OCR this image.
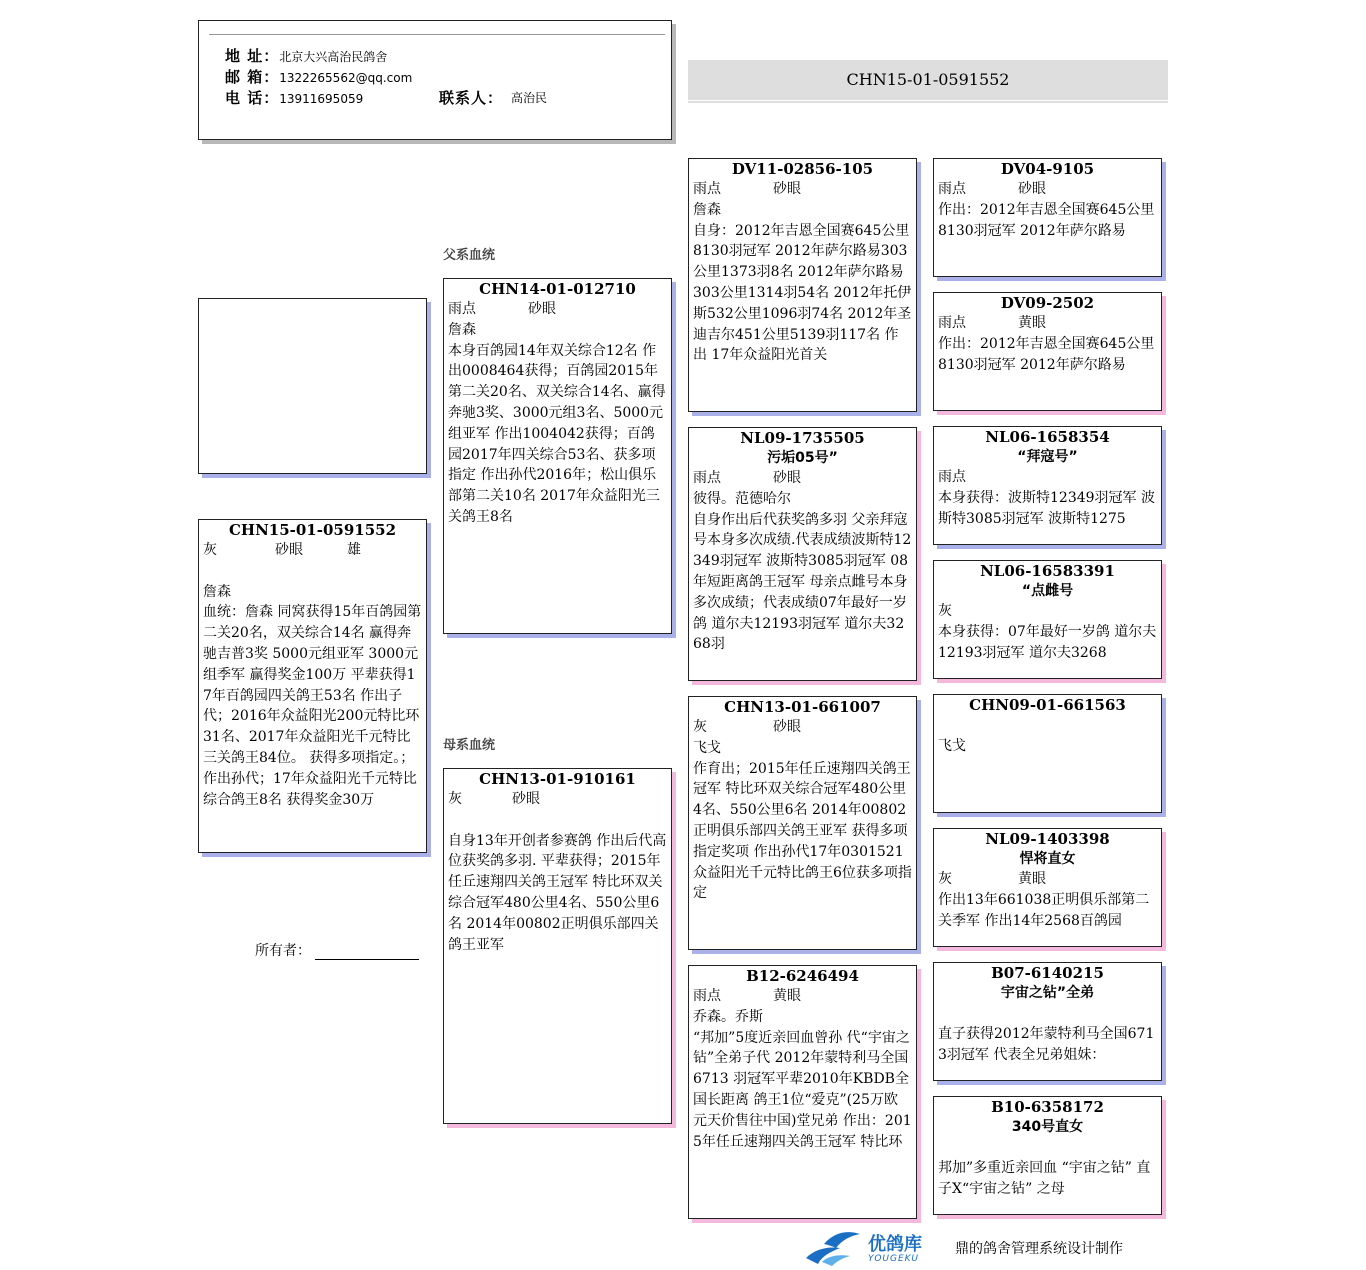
地 址：北京大兴高治民鸽舍
邮 箱：1322265562@qq.com
电 话：13911695059	联系人： 高治民
CHN15-01-0591552
父系血统
母系血统
CHN15-01-0591552
灰	砂眼	雄

詹森
血统：詹森 同窝获得15年百鸽园第二关20名，双关综合14名 赢得奔驰吉普3奖 5000元组亚军 3000元组季军 赢得奖金100万 平辈获得17年百鸽园四关鸽王53名 作出子代；2016年众益阳光200元特比环31名、2017年众益阳光千元特比三关鸽王84位。 获得多项指定。；作出孙代；17年众益阳光千元特比综合鸽王8名 获得奖金30万
CHN14-01-012710
雨点	砂眼
詹森
本身百鸽园14年双关综合12名 作出0008464获得；百鸽园2015年第二关20名、双关综合14名、赢得奔驰3奖、3000元组3名、5000元组亚军 作出1004042获得；百鸽园2017年四关综合53名、获多项指定 作出孙代2016年；松山俱乐部第二关10名 2017年众益阳光三关鸽王8名
CHN13-01-910161
灰	砂眼

自身13年开创者参赛鸽 作出后代高位获奖鸽多羽. 平辈获得；2015年任丘速翔四关鸽王冠军 特比环双关综合冠军480公里4名、550公里6名 2014年00802正明俱乐部四关鸽王亚军
DV11-02856-105
雨点	砂眼
詹森
自身：2012年吉恩全国赛645公里8130羽冠军 2012年萨尔路易303公里1373羽8名 2012年萨尔路易303公里1314羽54名 2012年托伊斯532公里1096羽74名 2012年圣迪吉尔451公里5139羽117名 作出 17年众益阳光首关
NL09-1735505
污垢05号”
雨点	砂眼
彼得。范德哈尔
自身作出后代获奖鸽多羽 父亲拜寇号本身多次成绩.代表成绩波斯特12349羽冠军 波斯特3085羽冠军 08年短距离鸽王冠军 母亲点雌号本身多次成绩；代表成绩07年最好一岁鸽 道尔夫12193羽冠军 道尔夫3268羽
CHN13-01-661007
灰	砂眼
飞戈
作育出；2015年任丘速翔四关鸽王冠军 特比环双关综合冠军480公里4名、550公里6名 2014年00802正明俱乐部四关鸽王亚军 获得多项指定奖项 作出孙代17年0301521众益阳光千元特比鸽王6位获多项指定
B12-6246494
雨点	黄眼
乔森。乔斯
“邦加”5度近亲回血曾孙 代“宇宙之钻”全弟子代 2012年蒙特利马全国6713 羽冠军平辈2010年KBDB全国长距离 鸽王1位“爱克”(25万欧 元天价售往中国)堂兄弟 作出：2015年任丘速翔四关鸽王冠军 特比环
DV04-9105
雨点	砂眼
作出：2012年吉恩全国赛645公里8130羽冠军 2012年萨尔路易
DV09-2502
雨点	黄眼
作出：2012年吉恩全国赛645公里8130羽冠军 2012年萨尔路易
NL06-1658354
“拜寇号”
雨点
本身获得：波斯特12349羽冠军 波斯特3085羽冠军 波斯特1275
NL06-16583391
“点雌号
灰
本身获得：07年最好一岁鸽 道尔夫12193羽冠军 道尔夫3268
CHN09-01-661563

飞戈
NL09-1403398
悍将直女
灰	黄眼
作出13年661038正明俱乐部第二关季军 作出14年2568百鸽园
B07-6140215
宇宙之钻”全弟

直子获得2012年蒙特利马全国6713羽冠军 代表全兄弟姐妹：
B10-6358172
340号直女

邦加”多重近亲回血 “宇宙之钻” 直子X“宇宙之钻” 之母
所有者：
优鸽库
YOUGEKU
鼎的鸽舍管理系统设计制作
